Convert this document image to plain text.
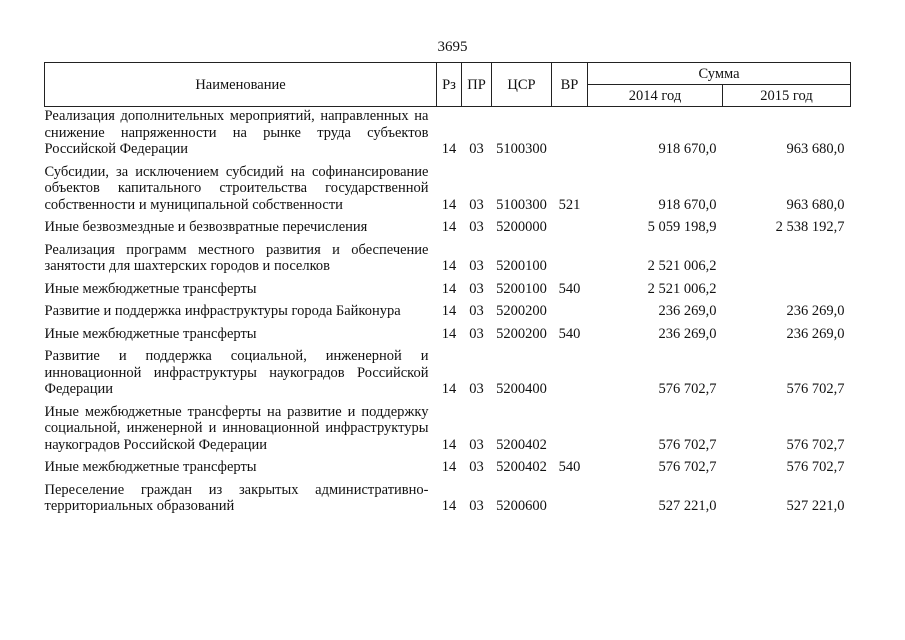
3695
Наименование	Рз	ПР	ЦСР	ВР	Сумма	
					2014 год	2015 год
Реализация дополнительных мероприятий, направленных на снижение напряженности на рынке труда субъектов Российской Федерации	14	03	5100300		918 670,0	963 680,0
Субсидии, за исключением субсидий на софинансирование объектов капитального строительства государственной собственности и муниципальной собственности	14	03	5100300	521	918 670,0	963 680,0
Иные безвозмездные и безвозвратные перечисления	14	03	5200000		5 059 198,9	2 538 192,7
Реализация программ местного развития и обеспечение занятости для шахтерских городов и поселков	14	03	5200100		2 521 006,2	
Иные межбюджетные трансферты	14	03	5200100	540	2 521 006,2	
Развитие и поддержка инфраструктуры города Байконура	14	03	5200200		236 269,0	236 269,0
Иные межбюджетные трансферты	14	03	5200200	540	236 269,0	236 269,0
Развитие и поддержка социальной, инженерной и инновационной инфраструктуры наукоградов Российской Федерации	14	03	5200400		576 702,7	576 702,7
Иные межбюджетные трансферты на развитие и поддержку социальной, инженерной и инновационной инфраструктуры наукоградов Российской Федерации	14	03	5200402		576 702,7	576 702,7
Иные межбюджетные трансферты	14	03	5200402	540	576 702,7	576 702,7
Переселение граждан из закрытых административно-территориальных образований	14	03	5200600		527 221,0	527 221,0
